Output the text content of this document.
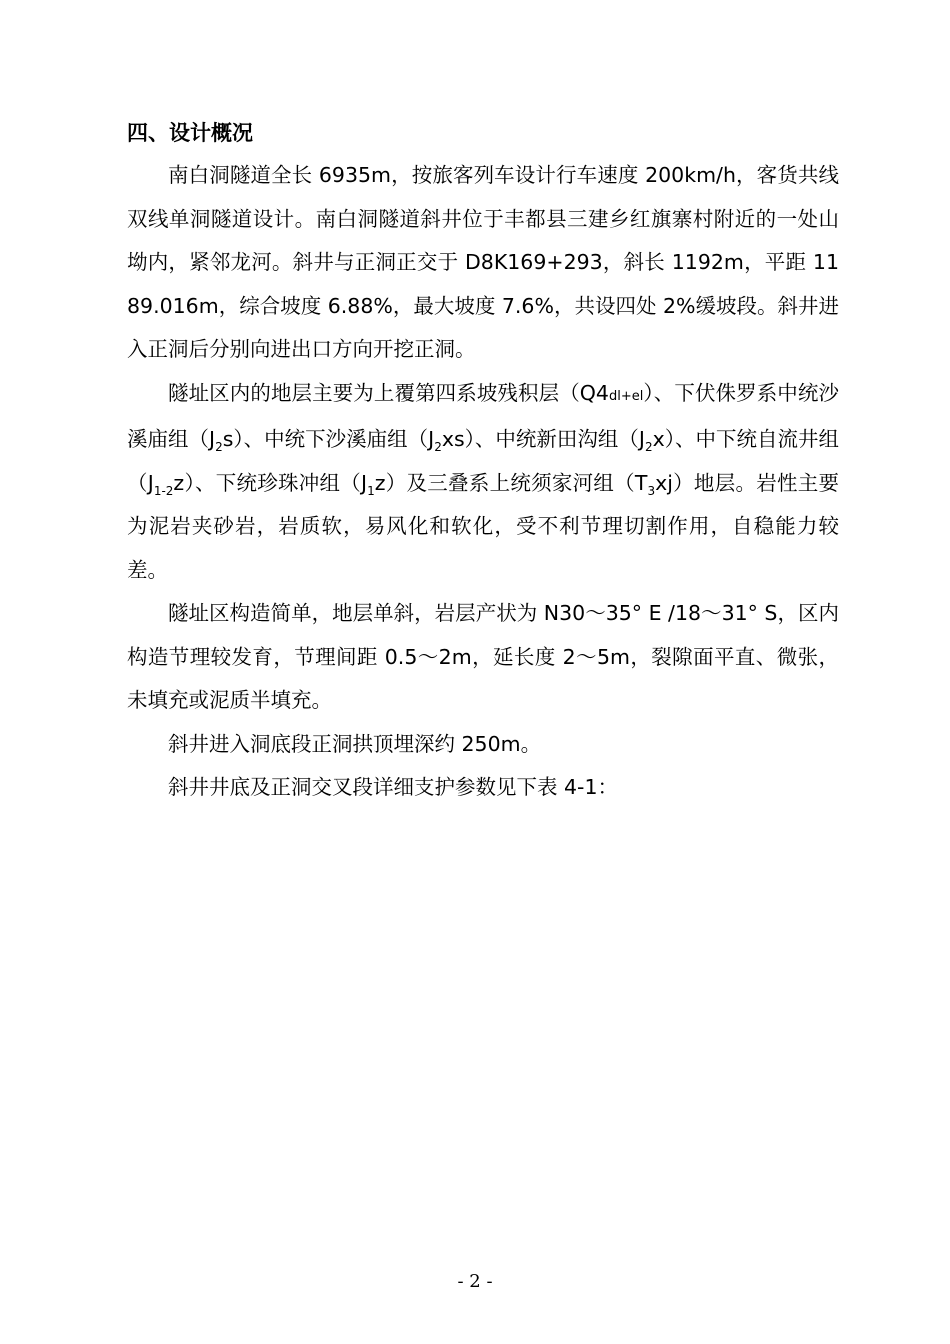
四、设计概况

南白洞隧道全长 6935m，按旅客列车设计行车速度 200km/h，客货共线双线单洞隧道设计。南白洞隧道斜井位于丰都县三建乡红旗寨村附近的一处山坳内，紧邻龙河。斜井与正洞正交于 D8K169+293，斜长 1192m，平距 1189.016m，综合坡度 6.88%，最大坡度 7.6%，共设四处 2%缓坡段。斜井进入正洞后分别向进出口方向开挖正洞。

隧址区内的地层主要为上覆第四系坡残积层（Q4dl+el）、下伏侏罗系中统沙溪庙组$(J_2s)$、中统下沙溪庙组$(J_2xs)$、中统新田沟组$(J_2x)$、中下统自流井组$(J_{1-2}z)$、下统珍珠冲组$(J_1z)$及三叠系上统须家河组$(T_3xj)$地层。岩性主要为泥岩夹砂岩，岩质软，易风化和软化，受不利节理切割作用，自稳能力较差。

隧址区构造简单，地层单斜，岩层产状为 N30～35° E /18～31° S，区内构造节理较发育，节理间距 0.5～2m，延长度 2～5m，裂隙面平直、微张，未填充或泥质半填充。

斜井进入洞底段正洞拱顶埋深约 250m。

斜井井底及正洞交叉段详细支护参数见下表 4-1：

- 2 -
